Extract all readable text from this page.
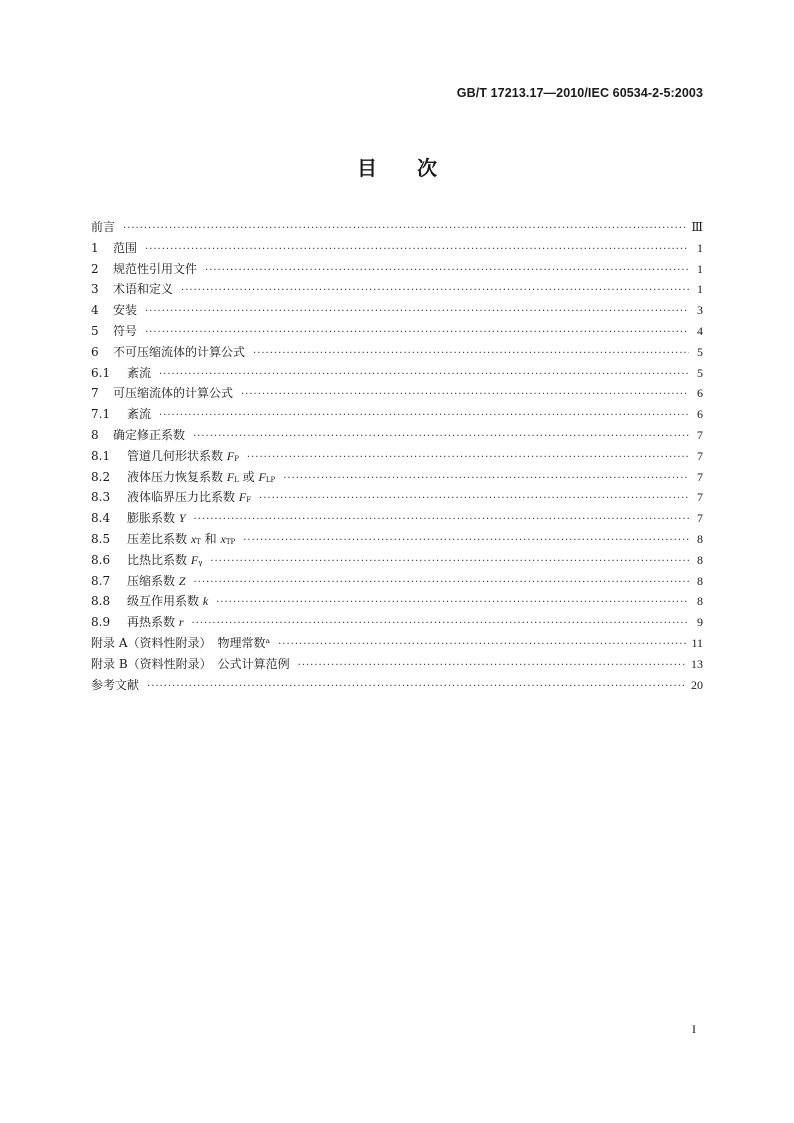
GB/T 17213.17—2010/IEC 60534-2-5:2003
目　　次
前言 ·····	Ⅲ
1	范围 ·····	1
2	规范性引用文件 ·····	1
3	术语和定义 ·····	1
4	安装 ·····	3
5	符号 ·····	4
6	不可压缩流体的计算公式 ·····	5
6.1	紊流 ·····	5
7	可压缩流体的计算公式 ·····	6
7.1	紊流 ·····	6
8	确定修正系数 ·····	7
8.1	管道几何形状系数 $F_P$ ·····	7
8.2	液体压力恢复系数 $F_L$ 或 $F_{LP}$ ·····	7
8.3	液体临界压力比系数 $F_F$ ·····	7
8.4	膨胀系数 Y ·····	7
8.5	压差比系数 $x_T$ 和 $x_{TP}$ ·····	8
8.6	比热比系数 $F_\gamma$ ·····	8
8.7	压缩系数 Z ·····	8
8.8	级互作用系数 k ·····	8
8.9	再热系数 r ·····	9
附录 A（资料性附录）　物理常数ᵃ ·····	11
附录 B（资料性附录）　公式计算范例 ·····	13
参考文献 ·····	20
I
